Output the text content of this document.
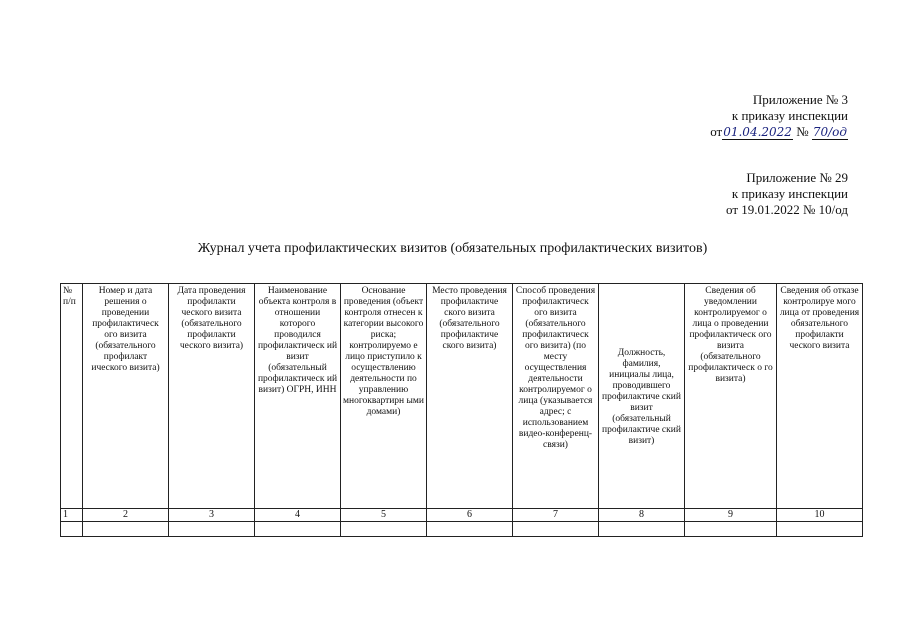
Приложение № 3
к приказу инспекции
от01.04.2022 № 70/од
Приложение № 29
к приказу инспекции
от 19.01.2022 № 10/од
Журнал учета профилактических визитов (обязательных профилактических визитов)
№ п/п	Номер и дата решения о проведении профилактическ ого визита (обязательного профилакт ического визита)	Дата проведения профилакти ческого визита (обязательного профилакти ческого визита)	Наименование объекта контроля в отношении которого проводился профилактическ ий визит (обязательный профилактическ ий визит) ОГРН, ИНН	Основание проведения (объект контроля отнесен к категории высокого риска; контролируемо е лицо приступило к осуществлению деятельности по управлению многоквартирн ыми домами)	Место проведения профилактиче ского визита (обязательного профилактиче ского визита)	Способ проведения профилактическ ого визита (обязательного профилактическ ого визита) (по месту осуществления деятельности контролируемог о лица (указывается адрес; с использованием видео-конференц-связи)	Должность, фамилия, инициалы лица, проводившего профилактиче ский визит (обязательный профилактиче ский визит)	Сведения об уведомлении контролируемог о лица о проведении профилактическ ого визита (обязательного профилактическ о го визита)	Сведения об отказе контролируе мого лица от проведения обязательного профилакти ческого визита
1	2	3	4	5	6	7	8	9	10
